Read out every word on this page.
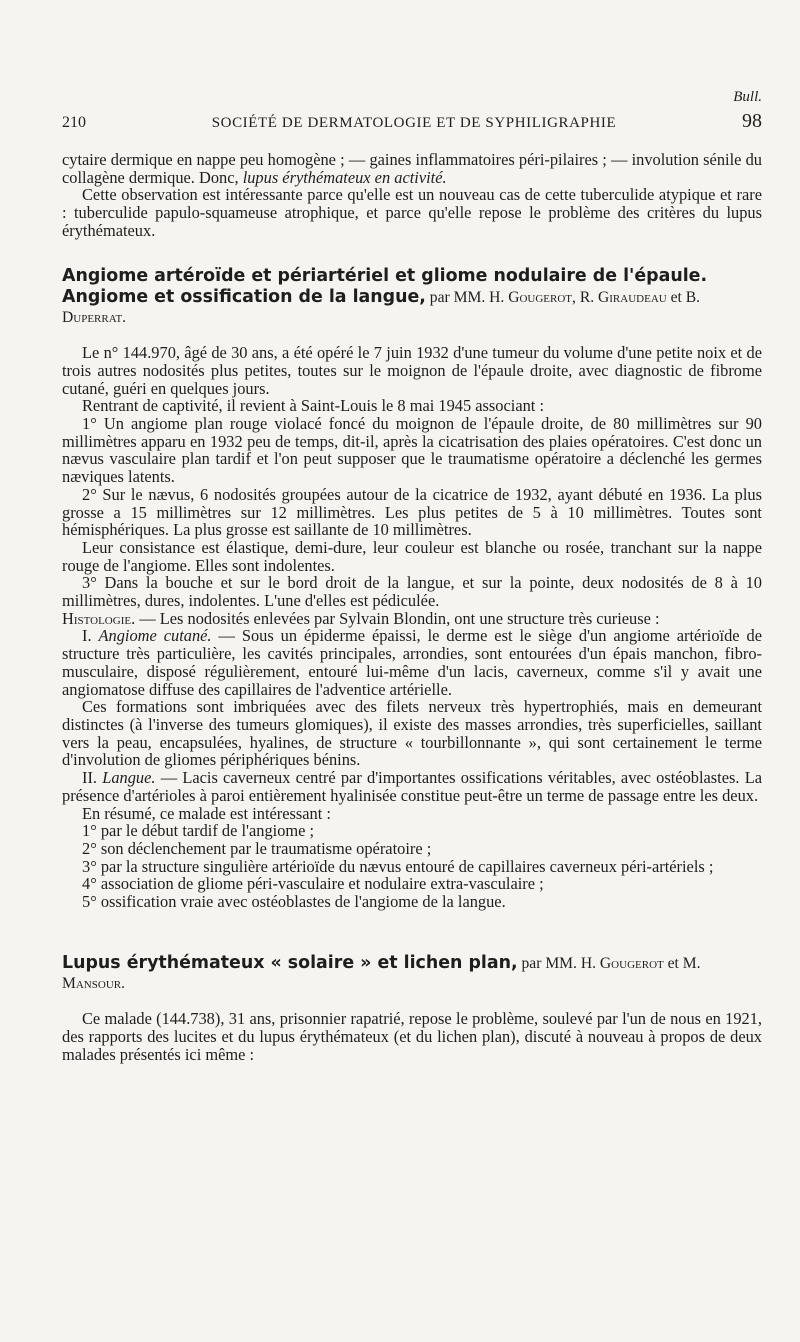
Bull.
210	SOCIÉTÉ DE DERMATOLOGIE ET DE SYPHILIGRAPHIE	98

cytaire dermique en nappe peu homogène ; — gaines inflammatoires péri-pilaires ; — involution sénile du collagène dermique. Donc, lupus érythémateux en activité.

Cette observation est intéressante parce qu'elle est un nouveau cas de cette tuberculide atypique et rare : tuberculide papulo-squameuse atrophique, et parce qu'elle repose le problème des critères du lupus érythémateux.

Angiome artéroïde et périartériel et gliome nodulaire de l'épaule. Angiome et ossification de la langue, par MM. H. Gougerot, R. Giraudeau et B. Duperrat.

Le n° 144.970, âgé de 30 ans, a été opéré le 7 juin 1932 d'une tumeur du volume d'une petite noix et de trois autres nodosités plus petites, toutes sur le moignon de l'épaule droite, avec diagnostic de fibrome cutané, guéri en quelques jours.

Rentrant de captivité, il revient à Saint-Louis le 8 mai 1945 associant :

1° Un angiome plan rouge violacé foncé du moignon de l'épaule droite, de 80 millimètres sur 90 millimètres apparu en 1932 peu de temps, dit-il, après la cicatrisation des plaies opératoires. C'est donc un nævus vasculaire plan tardif et l'on peut supposer que le traumatisme opératoire a déclenché les germes næviques latents.

2° Sur le nævus, 6 nodosités groupées autour de la cicatrice de 1932, ayant débuté en 1936. La plus grosse a 15 millimètres sur 12 millimètres. Les plus petites de 5 à 10 millimètres. Toutes sont hémisphériques. La plus grosse est saillante de 10 millimètres.

Leur consistance est élastique, demi-dure, leur couleur est blanche ou rosée, tranchant sur la nappe rouge de l'angiome. Elles sont indolentes.

3° Dans la bouche et sur le bord droit de la langue, et sur la pointe, deux nodosités de 8 à 10 millimètres, dures, indolentes. L'une d'elles est pédiculée.

Histologie. — Les nodosités enlevées par Sylvain Blondin, ont une structure très curieuse :

I. Angiome cutané. — Sous un épiderme épaissi, le derme est le siège d'un angiome artérioïde de structure très particulière, les cavités principales, arrondies, sont entourées d'un épais manchon, fibro-musculaire, disposé régulièrement, entouré lui-même d'un lacis, caverneux, comme s'il y avait une angiomatose diffuse des capillaires de l'adventice artérielle.

Ces formations sont imbriquées avec des filets nerveux très hypertrophiés, mais en demeurant distinctes (à l'inverse des tumeurs glomiques), il existe des masses arrondies, très superficielles, saillant vers la peau, encapsulées, hyalines, de structure « tourbillonnante », qui sont certainement le terme d'involution de gliomes périphériques bénins.

II. Langue. — Lacis caverneux centré par d'importantes ossifications véritables, avec ostéoblastes. La présence d'artérioles à paroi entièrement hyalinisée constitue peut-être un terme de passage entre les deux.

En résumé, ce malade est intéressant :

1° par le début tardif de l'angiome ;

2° son déclenchement par le traumatisme opératoire ;

3° par la structure singulière artérioïde du nævus entouré de capillaires caverneux péri-artériels ;

4° association de gliome péri-vasculaire et nodulaire extra-vasculaire ;

5° ossification vraie avec ostéoblastes de l'angiome de la langue.

Lupus érythémateux « solaire » et lichen plan, par MM. H. Gougerot et M. Mansour.

Ce malade (144.738), 31 ans, prisonnier rapatrié, repose le problème, soulevé par l'un de nous en 1921, des rapports des lucites et du lupus érythémateux (et du lichen plan), discuté à nouveau à propos de deux malades présentés ici même :
